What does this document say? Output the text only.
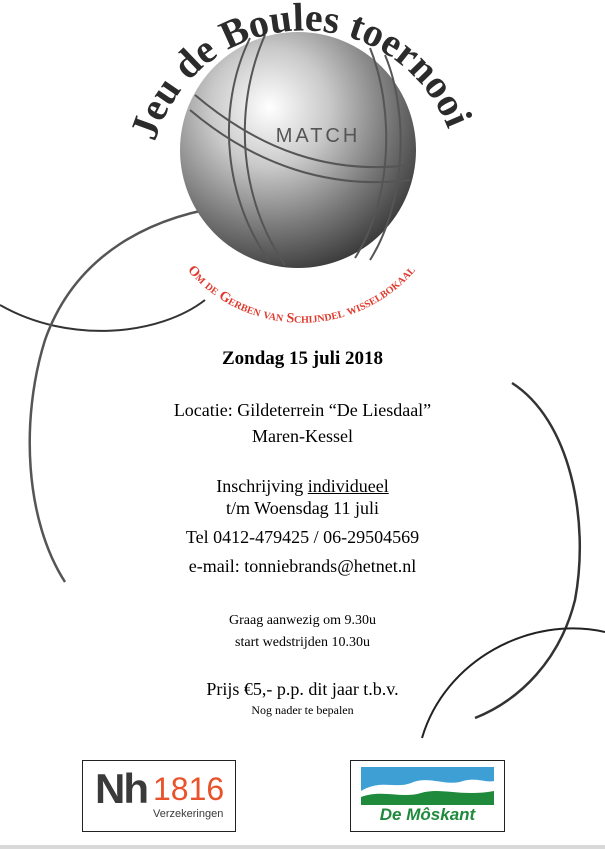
MATCH
Jeu de Boules toernooi
Om de Gerben van Schijndel wisselbokaal
Zondag 15 juli 2018
Locatie: Gildeterrein “De Liesdaal”
Maren-Kessel
Inschrijving individueel
t/m Woensdag 11 juli
Tel 0412-479425 / 06-29504569
e-mail: tonniebrands@hetnet.nl
Graag aanwezig om 9.30u
start wedstrijden 10.30u
Prijs €5,- p.p. dit jaar t.b.v.
Nog nader te bepalen
Nh 1816
Verzekeringen	De Môskant
